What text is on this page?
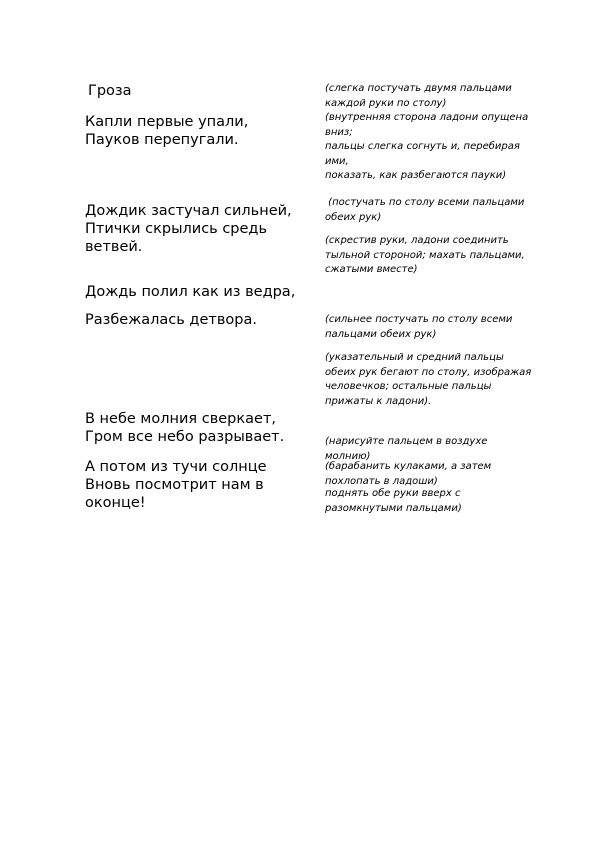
Гроза

Капли первые упали,
Пауков перепугали.

Дождик застучал сильней,
Птички скрылись средь
ветвей.

Дождь полил как из ведра,

Разбежалась детвора.

В небе молния сверкает,
Гром все небо разрывает.

А потом из тучи солнце
Вновь посмотрит нам в
оконце!

(слегка постучать двумя пальцами
каждой руки по столу)

(внутренняя сторона ладони опущена
вниз;
пальцы слегка согнуть и, перебирая
ими,
показать, как разбегаются пауки)

(постучать по столу всеми пальцами
обеих рук)

(скрестив руки, ладони соединить
тыльной стороной; махать пальцами,
сжатыми вместе)

(сильнее постучать по столу всеми
пальцами обеих рук)

(указательный и средний пальцы
обеих рук бегают по столу, изображая
человечков; остальные пальцы
прижаты к ладони).

(нарисуйте пальцем в воздухе
молнию)

(барабанить кулаками, а затем
похлопать в ладоши)

поднять обе руки вверх с
разомкнутыми пальцами)
